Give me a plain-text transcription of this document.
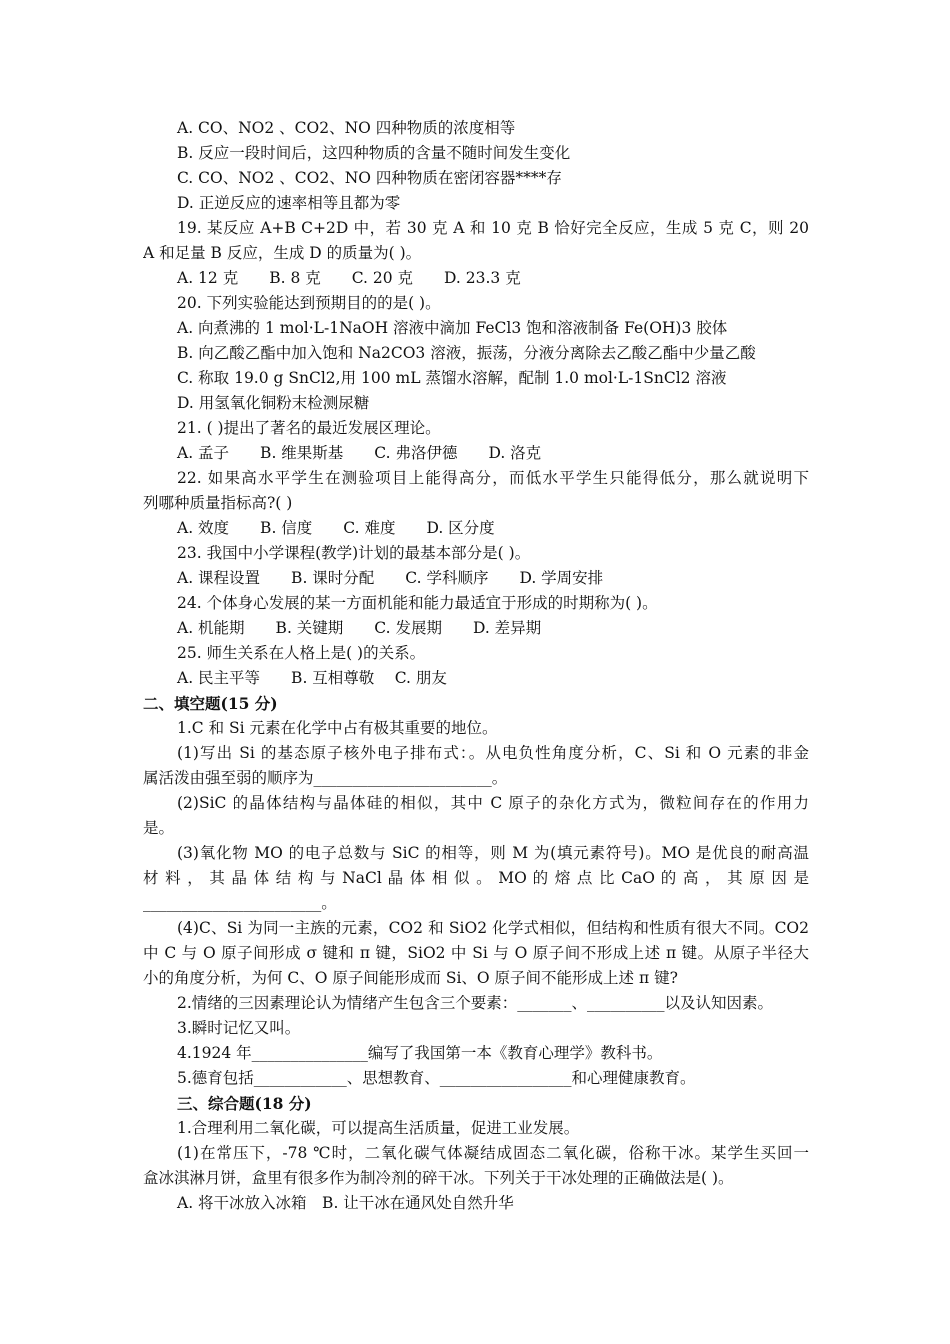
A. CO、NO2 、CO2、NO 四种物质的浓度相等
B. 反应一段时间后，这四种物质的含量不随时间发生变化
C. CO、NO2 、CO2、NO 四种物质在密闭容器****存
D. 正逆反应的速率相等且都为零
19. 某反应 A+B C+2D 中，若 30 克 A 和 10 克 B 恰好完全反应，生成 5 克 C，则 20
A 和足量 B 反应，生成 D 的质量为( )。
A. 12 克　　B. 8 克　　C. 20 克　　D. 23.3 克
20. 下列实验能达到预期目的的是( )。
A. 向煮沸的 1 mol·L-1NaOH 溶液中滴加 FeCl3 饱和溶液制备 Fe(OH)3 胶体
B. 向乙酸乙酯中加入饱和 Na2CO3 溶液，振荡，分液分离除去乙酸乙酯中少量乙酸
C. 称取 19.0 g SnCl2,用 100 mL 蒸馏水溶解，配制 1.0 mol·L-1SnCl2 溶液
D. 用氢氧化铜粉末检测尿糖
21. ( )提出了著名的最近发展区理论。
A. 孟子　　B. 维果斯基　　C. 弗洛伊德　　D. 洛克
22. 如果高水平学生在测验项目上能得高分，而低水平学生只能得低分，那么就说明下
列哪种质量指标高?( )
A. 效度　　B. 信度　　C. 难度　　D. 区分度
23. 我国中小学课程(教学)计划的最基本部分是( )。
A. 课程设置　　B. 课时分配　　C. 学科顺序　　D. 学周安排
24. 个体身心发展的某一方面机能和能力最适宜于形成的时期称为( )。
A. 机能期　　B. 关键期　　C. 发展期　　D. 差异期
25. 师生关系在人格上是( )的关系。
A. 民主平等　　B. 互相尊敬　 C. 朋友
二、填空题(15 分)
1.C 和 Si 元素在化学中占有极其重要的地位。
(1)写出 Si 的基态原子核外电子排布式：。从电负性角度分析，C、Si 和 O 元素的非金
属活泼由强至弱的顺序为_______________________。
(2)SiC 的晶体结构与晶体硅的相似，其中 C 原子的杂化方式为，微粒间存在的作用力
是。
(3)氧化物 MO 的电子总数与 SiC 的相等，则 M 为(填元素符号)。MO 是优良的耐高温
材 料 ， 其 晶 体 结 构 与 NaCl 晶 体 相 似 。 MO 的 熔 点 比 CaO 的 高 ， 其 原 因 是
_______________________。
(4)C、Si 为同一主族的元素，CO2 和 SiO2 化学式相似，但结构和性质有很大不同。CO2
中 C 与 O 原子间形成 σ 键和 π 键，SiO2 中 Si 与 O 原子间不形成上述 π 键。从原子半径大
小的角度分析，为何 C、O 原子间能形成而 Si、O 原子间不能形成上述 π 键?
2.情绪的三因素理论认为情绪产生包含三个要素：_______、__________以及认知因素。
3.瞬时记忆又叫。
4.1924 年_______________编写了我国第一本《教育心理学》教科书。
5.德育包括____________、思想教育、_________________和心理健康教育。
三、综合题(18 分)
1.合理利用二氧化碳，可以提高生活质量，促进工业发展。
(1)在常压下，-78 ℃时，二氧化碳气体凝结成固态二氧化碳，俗称干冰。某学生买回一
盒冰淇淋月饼，盒里有很多作为制冷剂的碎干冰。下列关于干冰处理的正确做法是( )。
A. 将干冰放入冰箱　B. 让干冰在通风处自然升华
